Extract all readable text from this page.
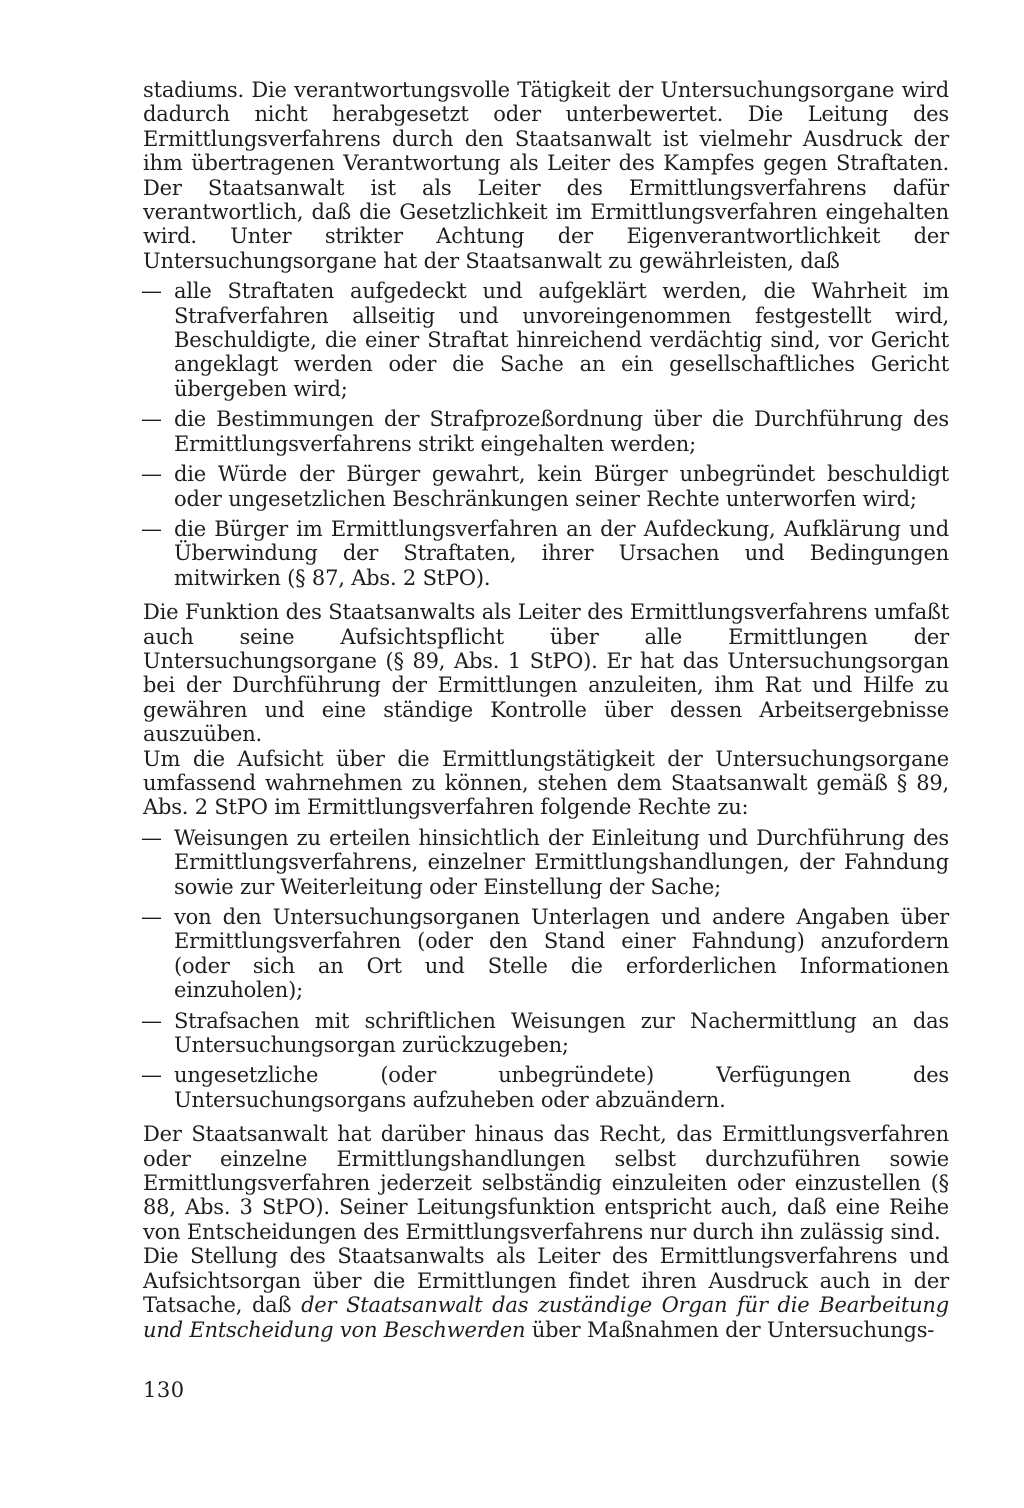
stadiums. Die verantwortungsvolle Tätigkeit der Untersuchungsorgane wird dadurch nicht herabgesetzt oder unterbewertet. Die Leitung des Ermittlungsverfahrens durch den Staatsanwalt ist vielmehr Ausdruck der ihm übertragenen Verantwortung als Leiter des Kampfes gegen Straftaten. Der Staatsanwalt ist als Leiter des Ermittlungsverfahrens dafür verantwortlich, daß die Gesetzlichkeit im Ermittlungsverfahren eingehalten wird. Unter strikter Achtung der Eigenverantwortlichkeit der Untersuchungsorgane hat der Staatsanwalt zu gewährleisten, daß

— alle Straftaten aufgedeckt und aufgeklärt werden, die Wahrheit im Strafverfahren allseitig und unvoreingenommen festgestellt wird, Beschuldigte, die einer Straftat hinreichend verdächtig sind, vor Gericht angeklagt werden oder die Sache an ein gesellschaftliches Gericht übergeben wird;
— die Bestimmungen der Strafprozeßordnung über die Durchführung des Ermittlungsverfahrens strikt eingehalten werden;
— die Würde der Bürger gewahrt, kein Bürger unbegründet beschuldigt oder ungesetzlichen Beschränkungen seiner Rechte unterworfen wird;
— die Bürger im Ermittlungsverfahren an der Aufdeckung, Aufklärung und Überwindung der Straftaten, ihrer Ursachen und Bedingungen mitwirken (§ 87, Abs. 2 StPO).

Die Funktion des Staatsanwalts als Leiter des Ermittlungsverfahrens umfaßt auch seine Aufsichtspflicht über alle Ermittlungen der Untersuchungsorgane (§ 89, Abs. 1 StPO). Er hat das Untersuchungsorgan bei der Durchführung der Ermittlungen anzuleiten, ihm Rat und Hilfe zu gewähren und eine ständige Kontrolle über dessen Arbeitsergebnisse auszuüben.

Um die Aufsicht über die Ermittlungstätigkeit der Untersuchungsorgane umfassend wahrnehmen zu können, stehen dem Staatsanwalt gemäß § 89, Abs. 2 StPO im Ermittlungsverfahren folgende Rechte zu:

— Weisungen zu erteilen hinsichtlich der Einleitung und Durchführung des Ermittlungsverfahrens, einzelner Ermittlungshandlungen, der Fahndung sowie zur Weiterleitung oder Einstellung der Sache;
— von den Untersuchungsorganen Unterlagen und andere Angaben über Ermittlungsverfahren (oder den Stand einer Fahndung) anzufordern (oder sich an Ort und Stelle die erforderlichen Informationen einzuholen);
— Strafsachen mit schriftlichen Weisungen zur Nachermittlung an das Untersuchungsorgan zurückzugeben;
— ungesetzliche (oder unbegründete) Verfügungen des Untersuchungsorgans aufzuheben oder abzuändern.

Der Staatsanwalt hat darüber hinaus das Recht, das Ermittlungsverfahren oder einzelne Ermittlungshandlungen selbst durchzuführen sowie Ermittlungsverfahren jederzeit selbständig einzuleiten oder einzustellen (§ 88, Abs. 3 StPO). Seiner Leitungsfunktion entspricht auch, daß eine Reihe von Entscheidungen des Ermittlungsverfahrens nur durch ihn zulässig sind.

Die Stellung des Staatsanwalts als Leiter des Ermittlungsverfahrens und Aufsichtsorgan über die Ermittlungen findet ihren Ausdruck auch in der Tatsache, daß der Staatsanwalt das zuständige Organ für die Bearbeitung und Entscheidung von Beschwerden über Maßnahmen der Untersuchungs-

130
